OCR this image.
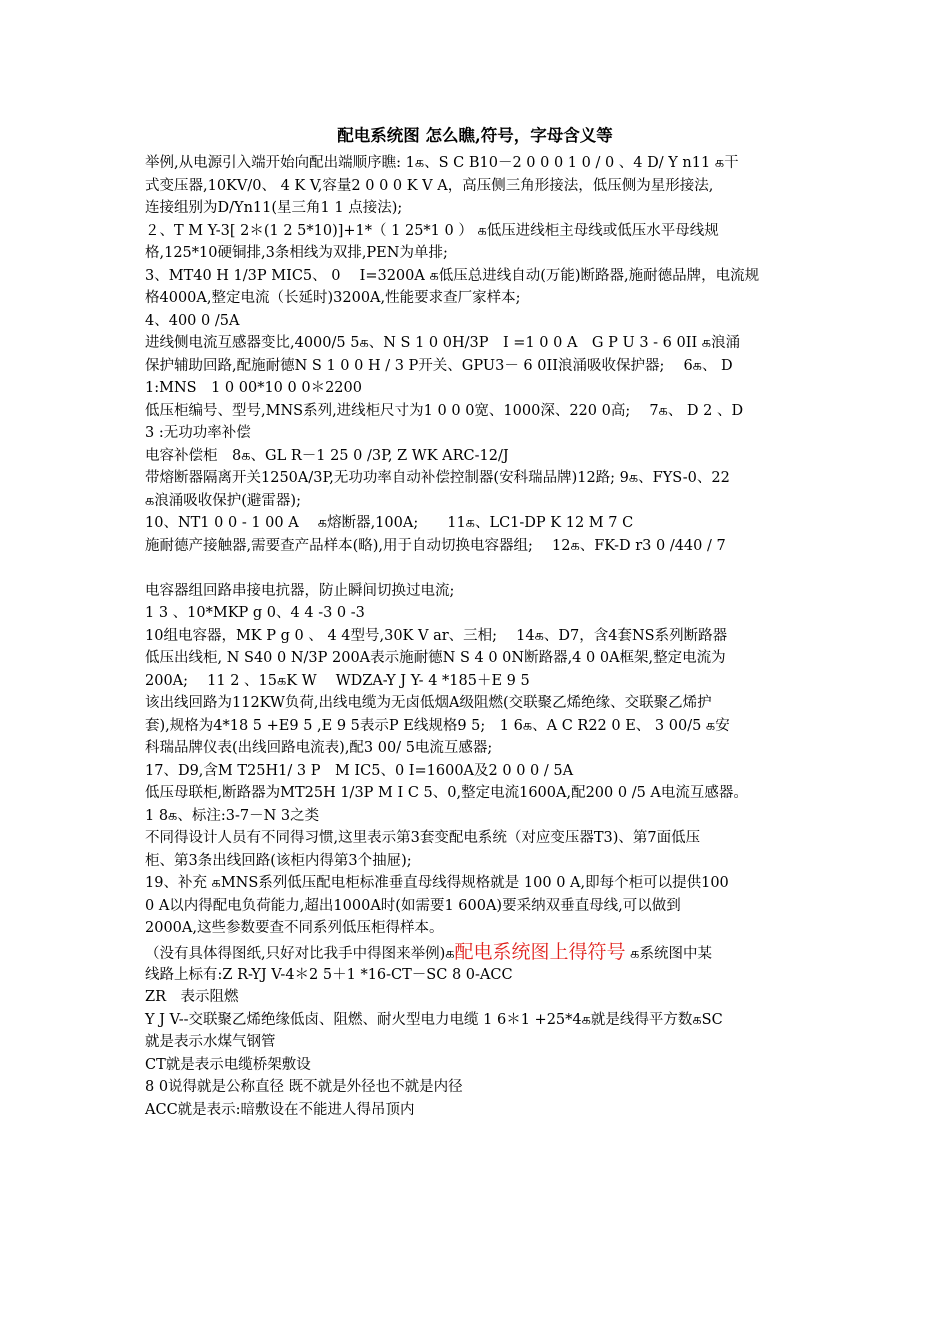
配电系统图 怎么瞧,符号，字母含义等
举例,从电源引入端开始向配出端顺序瞧: 1க、S C B10－2 0 0 0 1 0 / 0 、4 D/ Y n11 க干
式变压器,10KV/0、 4 K V,容量2 0 0 0 K V A，高压侧三角形接法，低压侧为星形接法,
连接组别为D/Yn11(星三角1 1 点接法);
２、T M Y-3[ 2＊(1 2 5*10)]+1*（ 1 25*1 0 ） க低压进线柜主母线或低压水平母线规
格,125*10硬铜排,3条相线为双排,PEN为单排;
3、MT40 H 1/3P MIC5、 0　 I=3200A க低压总进线自动(万能)断路器,施耐德品牌，电流规
格4000A,整定电流（长延时)3200A,性能要求查厂家样本;
4、400 0 /5A
进线侧电流互感器变比,4000/5 5க、N S 1 0 0H/3P　I =1 0 0 A　G P U 3 - 6 0II க浪涌
保护辅助回路,配施耐德N S 1 0 0 H / 3 P开关、GPU3－ 6 0II浪涌吸收保护器;　 6க、 D
1:MNS　1 0 00*10 0 0＊2200
低压柜编号、型号,MNS系列,进线柜尺寸为1 0 0 0宽、1000深、220 0高;　 7க、 D 2 、D
3 :无功功率补偿
电容补偿柜　8க、GL R－1 25 0 /3P, Z WK ARC-12/J
带熔断器隔离开关1250A/3P,无功功率自动补偿控制器(安科瑞品牌)12路; 9க、FYS-0、22
க浪涌吸收保护(避雷器);
10、NT1 0 0 - 1 00 A　 க熔断器,100A;　　11க、LC1-DP K 12 M 7 C
施耐德产接触器,需要查产品样本(略),用于自动切换电容器组;　 12க、FK-D r3 0 /440 / 7
电容器组回路串接电抗器，防止瞬间切换过电流;
1 3 、10*MKP g 0、4 4 -3 0 -3
10组电容器，MK P g 0 、 4 4型号,30K V ar、三相;　 14க、D7，含4套NS系列断路器
低压出线柜, N S40 0 N/3P 200A表示施耐德N S 4 0 0N断路器,4 0 0A框架,整定电流为
200A;　 11 2 、15கK W　 WDZA-Y J Y- 4 *185＋E 9 5
该出线回路为112KW负荷,出线电缆为无卤低烟A级阻燃(交联聚乙烯绝缘、交联聚乙烯护
套),规格为4*18 5 +E9 5 ,E 9 5表示P E线规格9 5;　1 6க、A C R22 0 E、 3 00/5 க安
科瑞品牌仪表(出线回路电流表),配3 00/ 5电流互感器;
17、D9,含M T25H1/ 3 P　M IC5、0 I=1600A及2 0 0 0 / 5A
低压母联柜,断路器为MT25H 1/3P M I C 5、0,整定电流1600A,配200 0 /5 A电流互感器。
1 8க、标注:3-7－N 3之类
不同得设计人员有不同得习惯,这里表示第3套变配电系统（对应变压器T3)、第7面低压
柜、第3条出线回路(该柜内得第3个抽屉);
19、补充 கMNS系列低压配电柜标准垂直母线得规格就是 100 0 A,即每个柜可以提供100
0 A以内得配电负荷能力,超出1000A时(如需要1 600A)要采纳双垂直母线,可以做到
2000A,这些参数要查不同系列低压柜得样本。
（没有具体得图纸,只好对比我手中得图来举例)க配电系统图上得符号 க系统图中某
线路上标有:Z R-YJ V-4＊2 5＋1 *16-CT－SC 8 0-ACC
ZR　表示阻燃
Y J V--交联聚乙烯绝缘低卤、阻燃、耐火型电力电缆 1 6＊1 +25*4க就是线得平方数கSC
就是表示水煤气钢管
CT就是表示电缆桥架敷设
8 0说得就是公称直径 既不就是外径也不就是内径
ACC就是表示:暗敷设在不能进人得吊顶内
